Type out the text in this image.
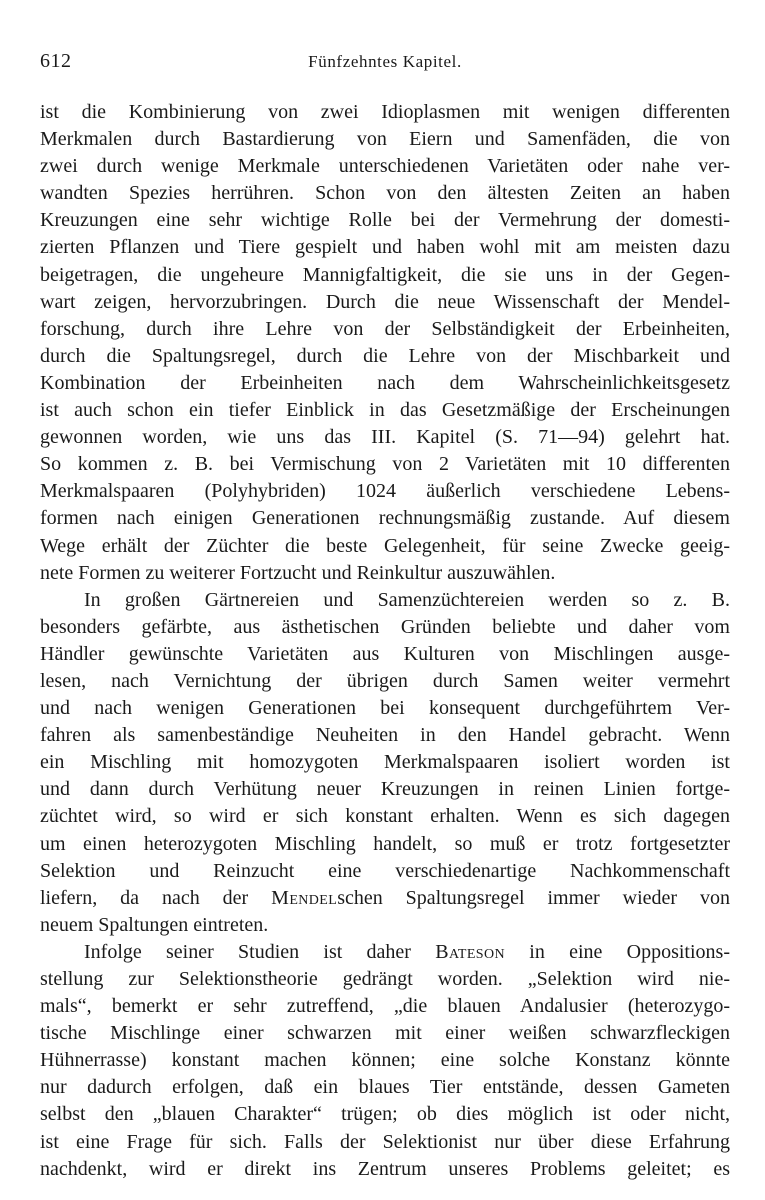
612	Fünfzehntes Kapitel.
ist die Kombinierung von zwei Idioplasmen mit wenigen differenten
Merkmalen durch Bastardierung von Eiern und Samenfäden, die von
zwei durch wenige Merkmale unterschiedenen Varietäten oder nahe ver-
wandten Spezies herrühren. Schon von den ältesten Zeiten an haben
Kreuzungen eine sehr wichtige Rolle bei der Vermehrung der domesti-
zierten Pflanzen und Tiere gespielt und haben wohl mit am meisten dazu
beigetragen, die ungeheure Mannigfaltigkeit, die sie uns in der Gegen-
wart zeigen, hervorzubringen. Durch die neue Wissenschaft der Mendel-
forschung, durch ihre Lehre von der Selbständigkeit der Erbeinheiten,
durch die Spaltungsregel, durch die Lehre von der Mischbarkeit und
Kombination der Erbeinheiten nach dem Wahrscheinlichkeitsgesetz
ist auch schon ein tiefer Einblick in das Gesetzmäßige der Erscheinungen
gewonnen worden, wie uns das III. Kapitel (S. 71—94) gelehrt hat.
So kommen z. B. bei Vermischung von 2 Varietäten mit 10 differenten
Merkmalspaaren (Polyhybriden) 1024 äußerlich verschiedene Lebens-
formen nach einigen Generationen rechnungsmäßig zustande. Auf diesem
Wege erhält der Züchter die beste Gelegenheit, für seine Zwecke geeig-
nete Formen zu weiterer Fortzucht und Reinkultur auszuwählen.
In großen Gärtnereien und Samenzüchtereien werden so z. B.
besonders gefärbte, aus ästhetischen Gründen beliebte und daher vom
Händler gewünschte Varietäten aus Kulturen von Mischlingen ausge-
lesen, nach Vernichtung der übrigen durch Samen weiter vermehrt
und nach wenigen Generationen bei konsequent durchgeführtem Ver-
fahren als samenbeständige Neuheiten in den Handel gebracht. Wenn
ein Mischling mit homozygoten Merkmalspaaren isoliert worden ist
und dann durch Verhütung neuer Kreuzungen in reinen Linien fortge-
züchtet wird, so wird er sich konstant erhalten. Wenn es sich dagegen
um einen heterozygoten Mischling handelt, so muß er trotz fortgesetzter
Selektion und Reinzucht eine verschiedenartige Nachkommenschaft
liefern, da nach der Mendelschen Spaltungsregel immer wieder von
neuem Spaltungen eintreten.
Infolge seiner Studien ist daher Bateson in eine Oppositions-
stellung zur Selektionstheorie gedrängt worden. „Selektion wird nie-
mals“, bemerkt er sehr zutreffend, „die blauen Andalusier (heterozygo-
tische Mischlinge einer schwarzen mit einer weißen schwarzfleckigen
Hühnerrasse) konstant machen können; eine solche Konstanz könnte
nur dadurch erfolgen, daß ein blaues Tier entstände, dessen Gameten
selbst den „blauen Charakter“ trügen; ob dies möglich ist oder nicht,
ist eine Frage für sich. Falls der Selektionist nur über diese Erfahrung
nachdenkt, wird er direkt ins Zentrum unseres Problems geleitet; es
